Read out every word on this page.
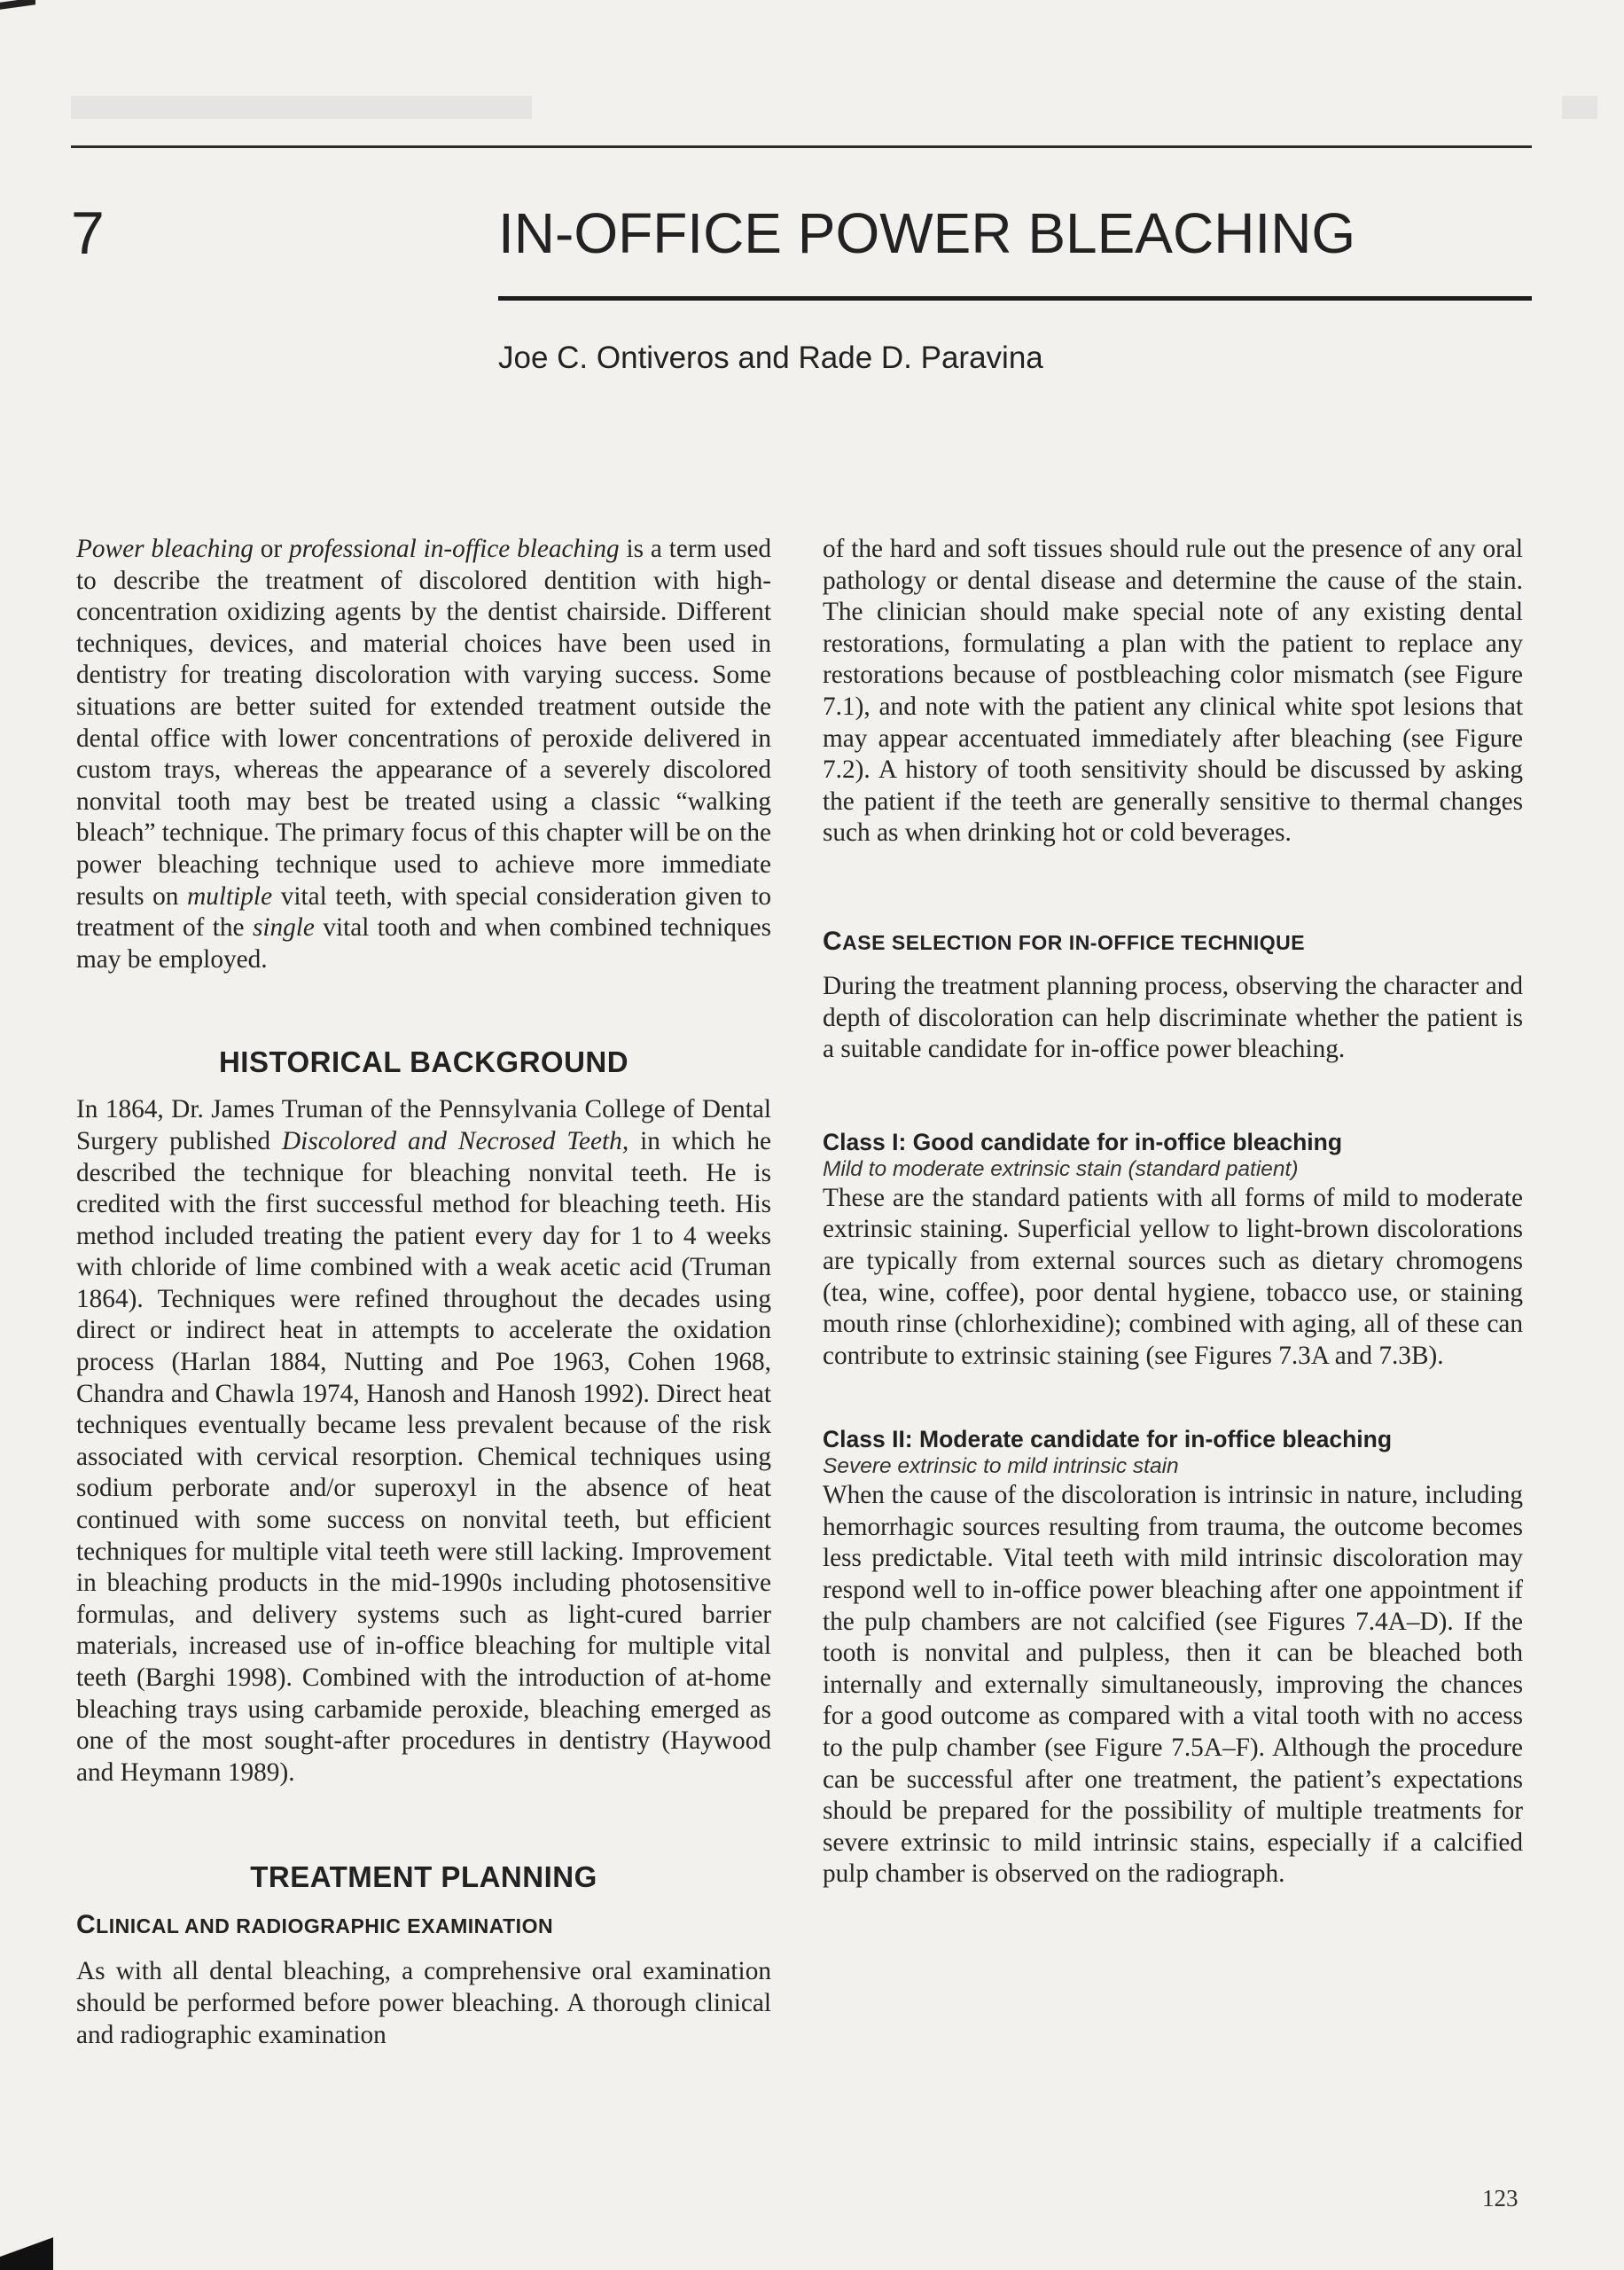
7	IN-OFFICE POWER BLEACHING
Joe C. Ontiveros and Rade D. Paravina

Power bleaching or professional in-office bleaching is a term used to describe the treatment of discolored dentition with high-concentration oxidizing agents by the dentist chairside. Different techniques, devices, and material choices have been used in dentistry for treating discoloration with varying success. Some situations are better suited for extended treatment outside the dental office with lower concentrations of peroxide delivered in custom trays, whereas the appearance of a severely discolored nonvital tooth may best be treated using a classic “walking bleach” technique. The primary focus of this chapter will be on the power bleaching technique used to achieve more immediate results on multiple vital teeth, with special consideration given to treatment of the single vital tooth and when combined techniques may be employed.

HISTORICAL BACKGROUND

In 1864, Dr. James Truman of the Pennsylvania College of Dental Surgery published Discolored and Necrosed Teeth, in which he described the technique for bleaching nonvital teeth. He is credited with the first successful method for bleaching teeth. His method included treating the patient every day for 1 to 4 weeks with chloride of lime combined with a weak acetic acid (Truman 1864). Techniques were refined throughout the decades using direct or indirect heat in attempts to accelerate the oxidation process (Harlan 1884, Nutting and Poe 1963, Cohen 1968, Chandra and Chawla 1974, Hanosh and Hanosh 1992). Direct heat techniques eventually became less prevalent because of the risk associated with cervical resorption. Chemical techniques using sodium perborate and/or superoxyl in the absence of heat continued with some success on nonvital teeth, but efficient techniques for multiple vital teeth were still lacking. Improvement in bleaching products in the mid-1990s including photosensitive formulas, and delivery systems such as light-cured barrier materials, increased use of in-office bleaching for multiple vital teeth (Barghi 1998). Combined with the introduction of at-home bleaching trays using carbamide peroxide, bleaching emerged as one of the most sought-after procedures in dentistry (Haywood and Heymann 1989).

TREATMENT PLANNING
CLINICAL AND RADIOGRAPHIC EXAMINATION

As with all dental bleaching, a comprehensive oral examination should be performed before power bleaching. A thorough clinical and radiographic examination

of the hard and soft tissues should rule out the presence of any oral pathology or dental disease and determine the cause of the stain. The clinician should make special note of any existing dental restorations, formulating a plan with the patient to replace any restorations because of postbleaching color mismatch (see Figure 7.1), and note with the patient any clinical white spot lesions that may appear accentuated immediately after bleaching (see Figure 7.2). A history of tooth sensitivity should be discussed by asking the patient if the teeth are generally sensitive to thermal changes such as when drinking hot or cold beverages.

CASE SELECTION FOR IN-OFFICE TECHNIQUE

During the treatment planning process, observing the character and depth of discoloration can help discriminate whether the patient is a suitable candidate for in-office power bleaching.

Class I: Good candidate for in-office bleaching
Mild to moderate extrinsic stain (standard patient)

These are the standard patients with all forms of mild to moderate extrinsic staining. Superficial yellow to light-brown discolorations are typically from external sources such as dietary chromogens (tea, wine, coffee), poor dental hygiene, tobacco use, or staining mouth rinse (chlorhexidine); combined with aging, all of these can contribute to extrinsic staining (see Figures 7.3A and 7.3B).

Class II: Moderate candidate for in-office bleaching
Severe extrinsic to mild intrinsic stain

When the cause of the discoloration is intrinsic in nature, including hemorrhagic sources resulting from trauma, the outcome becomes less predictable. Vital teeth with mild intrinsic discoloration may respond well to in-office power bleaching after one appointment if the pulp chambers are not calcified (see Figures 7.4A–D). If the tooth is nonvital and pulpless, then it can be bleached both internally and externally simultaneously, improving the chances for a good outcome as compared with a vital tooth with no access to the pulp chamber (see Figure 7.5A–F). Although the procedure can be successful after one treatment, the patient’s expectations should be prepared for the possibility of multiple treatments for severe extrinsic to mild intrinsic stains, especially if a calcified pulp chamber is observed on the radiograph.

123
